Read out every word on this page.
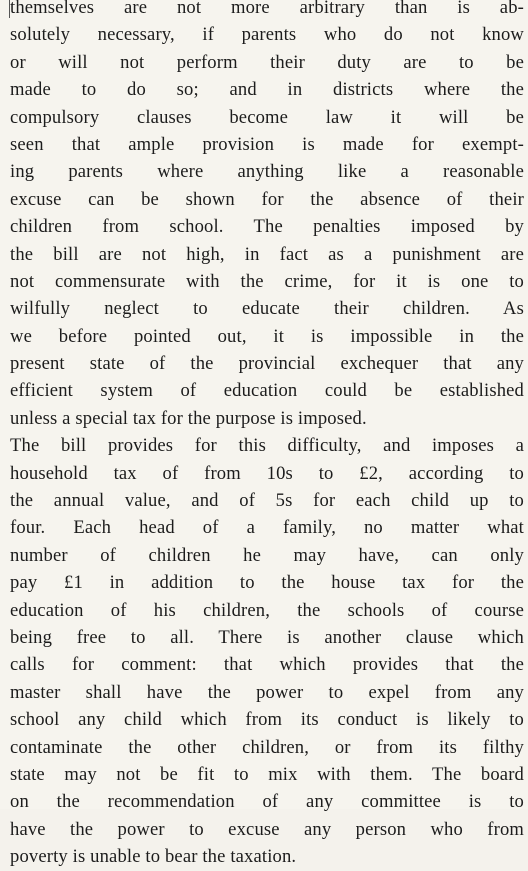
themselves are not more arbitrary than is ab-
solutely necessary, if parents who do not know
or will not perform their duty are to be
made to do so; and in districts where the
compulsory clauses become law it will be
seen that ample provision is made for exempt-
ing parents where anything like a reasonable
excuse can be shown for the absence of their
children from school. The penalties imposed by
the bill are not high, in fact as a punishment are
not commensurate with the crime, for it is one to
wilfully neglect to educate their children. As
we before pointed out, it is impossible in the
present state of the provincial exchequer that any
efficient system of education could be established
unless a special tax for the purpose is imposed.
The bill provides for this difficulty, and imposes a
household tax of from 10s to £2, according to
the annual value, and of 5s for each child up to
four. Each head of a family, no matter what
number of children he may have, can only
pay £1 in addition to the house tax for the
education of his children, the schools of course
being free to all. There is another clause which
calls for comment: that which provides that the
master shall have the power to expel from any
school any child which from its conduct is likely to
contaminate the other children, or from its filthy
state may not be fit to mix with them. The board
on the recommendation of any committee is to
have the power to excuse any person who from
poverty is unable to bear the taxation.
